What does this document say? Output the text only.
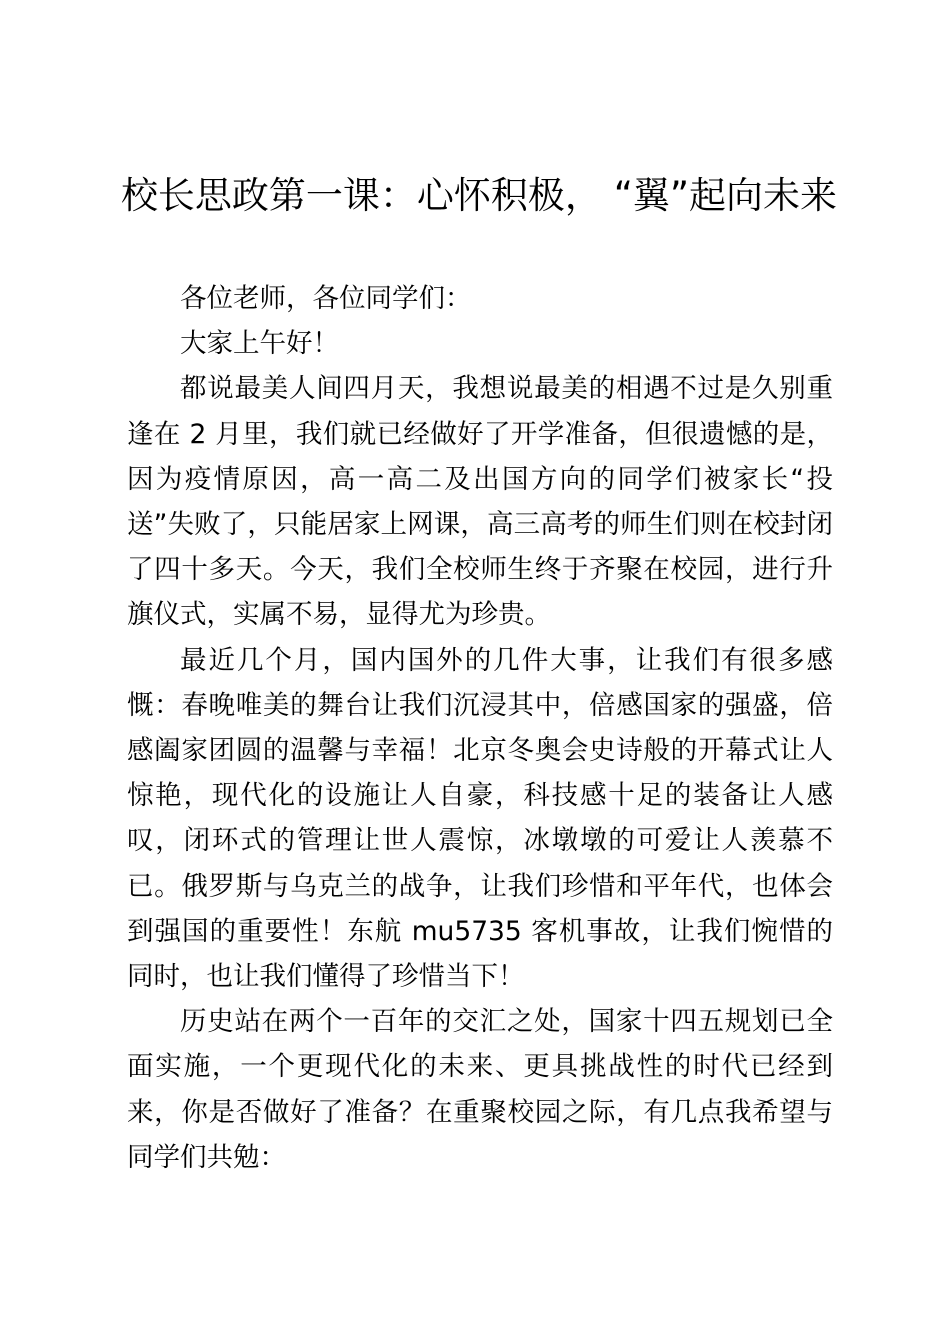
校长思政第一课：心怀积极， “翼”起向未来

各位老师，各位同学们：

大家上午好！

都说最美人间四月天，我想说最美的相遇不过是久别重逢在 2 月里，我们就已经做好了开学准备，但很遗憾的是，因为疫情原因，高一高二及出国方向的同学们被家长“投送”失败了，只能居家上网课，高三高考的师生们则在校封闭了四十多天。今天，我们全校师生终于齐聚在校园，进行升旗仪式，实属不易，显得尤为珍贵。

最近几个月，国内国外的几件大事，让我们有很多感慨：春晚唯美的舞台让我们沉浸其中，倍感国家的强盛，倍感阖家团圆的温馨与幸福！北京冬奥会史诗般的开幕式让人惊艳，现代化的设施让人自豪，科技感十足的装备让人感叹，闭环式的管理让世人震惊，冰墩墩的可爱让人羡慕不已。俄罗斯与乌克兰的战争，让我们珍惜和平年代，也体会到强国的重要性！东航 mu5735 客机事故，让我们惋惜的同时，也让我们懂得了珍惜当下！

历史站在两个一百年的交汇之处，国家十四五规划已全面实施，一个更现代化的未来、更具挑战性的时代已经到来，你是否做好了准备？在重聚校园之际，有几点我希望与同学们共勉：
